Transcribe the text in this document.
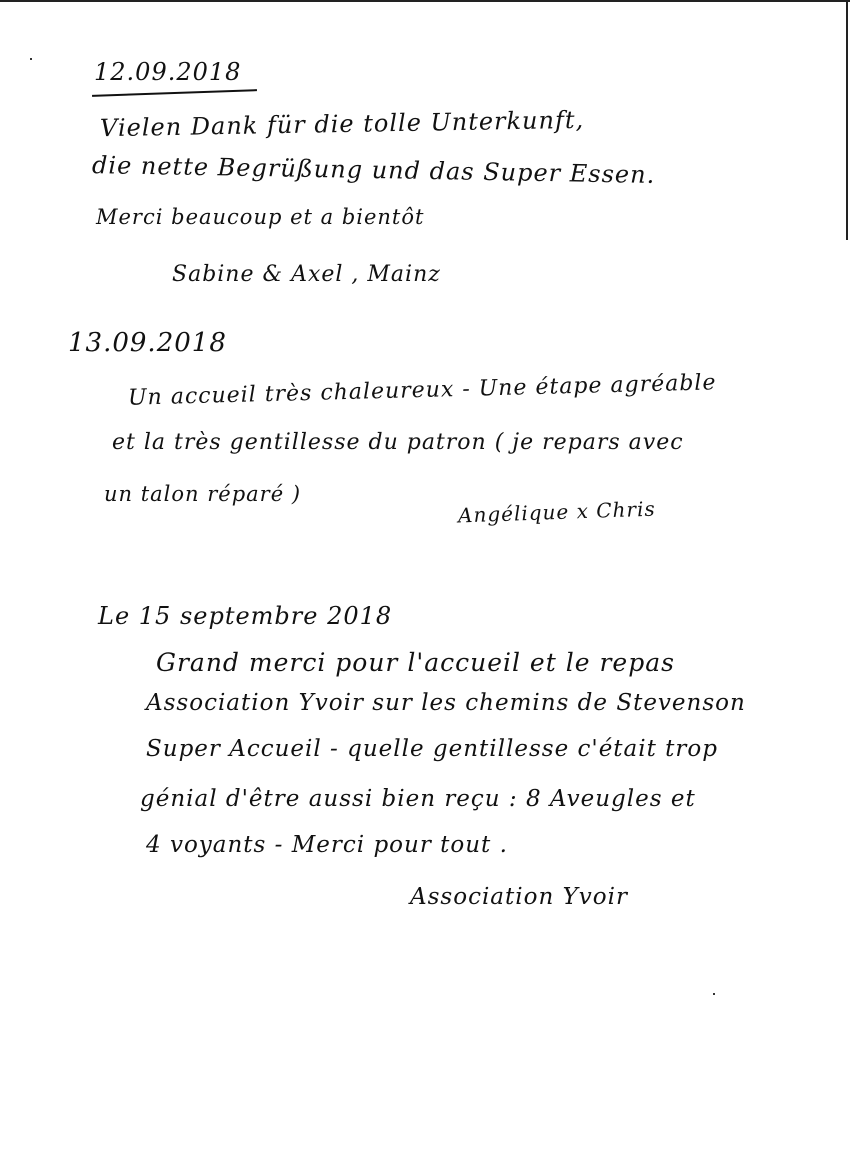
12.09.2018
Vielen Dank für die tolle Unterkunft,
die nette Begrüßung und das Super Essen.
Merci beaucoup et a bientôt
Sabine & Axel , Mainz
13.09.2018
Un accueil très chaleureux - Une étape agréable
et la très gentillesse du patron ( je repars avec
un talon réparé )
Angélique x Chris
Le 15 septembre 2018
Grand merci pour l'accueil et le repas
Association Yvoir sur les chemins de Stevenson
Super Accueil - quelle gentillesse c'était trop
génial d'être aussi bien reçu : 8 Aveugles et
4 voyants - Merci pour tout .
Association Yvoir
